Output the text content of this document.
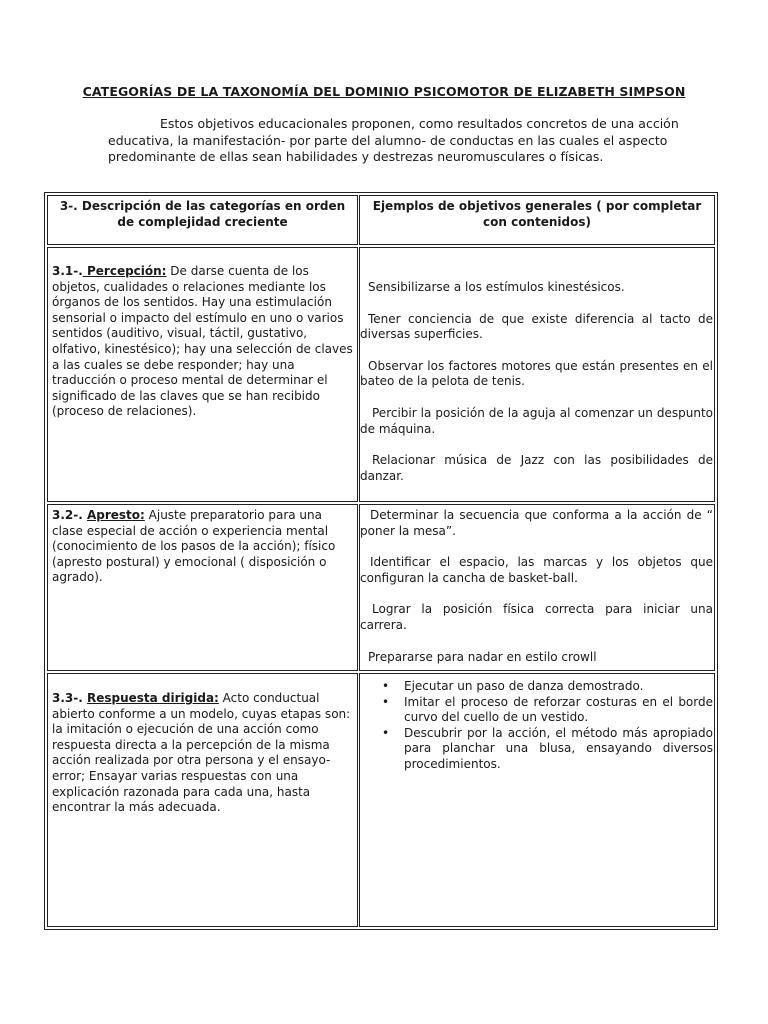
CATEGORÍAS DE LA TAXONOMÍA DEL DOMINIO PSICOMOTOR DE ELIZABETH SIMPSON
Estos objetivos educacionales proponen, como resultados concretos de una acción educativa, la manifestación- por parte del alumno- de conductas en las cuales el aspecto predominante de ellas sean habilidades y destrezas neuromusculares o físicas.
3-. Descripción de las categorías en orden de complejidad creciente
Ejemplos de objetivos generales ( por completar con contenidos)
3.1-. Percepción: De darse cuenta de los objetos, cualidades o relaciones mediante los órganos de los sentidos. Hay una estimulación sensorial o impacto del estímulo en uno o varios sentidos (auditivo, visual, táctil, gustativo, olfativo, kinestésico); hay una selección de claves a las cuales se debe responder; hay una traducción o proceso mental de determinar el significado de las claves que se han recibido (proceso de relaciones).

Sensibilizarse a los estímulos kinestésicos.

Tener conciencia de que existe diferencia al tacto de diversas superficies.

Observar los factores motores que están presentes en el bateo de la pelota de tenis.

Percibir la posición de la aguja al comenzar un despunto de máquina.

Relacionar música de Jazz con las posibilidades de danzar.

3.2-. Apresto: Ajuste preparatorio para una clase especial de acción o experiencia mental (conocimiento de los pasos de la acción); físico (apresto postural) y emocional ( disposición o agrado).

Determinar la secuencia que conforma a la acción de “ poner la mesa”.

Identificar el espacio, las marcas y los objetos que configuran la cancha de basket-ball.

Lograr la posición física correcta para iniciar una carrera.

Prepararse para nadar en estilo crowll

3.3-. Respuesta dirigida: Acto conductual abierto conforme a un modelo, cuyas etapas son: la imitación o ejecución de una acción como respuesta directa a la percepción de la misma acción realizada por otra persona y el ensayo- error; Ensayar varias respuestas con una explicación razonada para cada una, hasta encontrar la más adecuada.
• Ejecutar un paso de danza demostrado.
• Imitar el proceso de reforzar costuras en el borde curvo del cuello de un vestido.
• Descubrir por la acción, el método más apropiado para planchar una blusa, ensayando diversos procedimientos.
